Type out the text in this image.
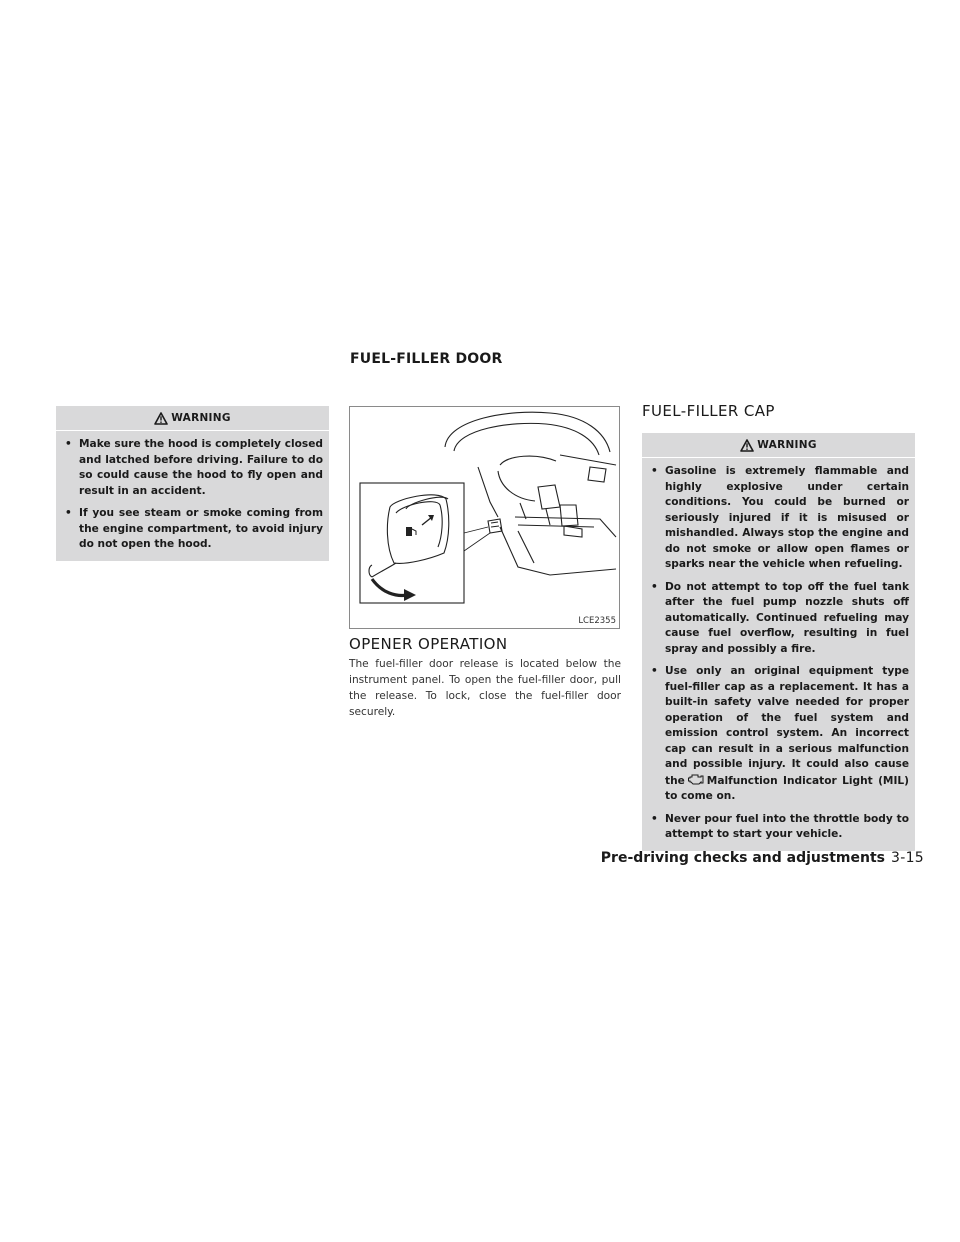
FUEL-FILLER DOOR
WARNING
• Make sure the hood is completely closed and latched before driving. Failure to do so could cause the hood to fly open and result in an accident.
• If you see steam or smoke coming from the engine compartment, to avoid injury do not open the hood.
LCE2355
OPENER OPERATION

The fuel-filler door release is located below the instrument panel. To open the fuel-filler door, pull the release. To lock, close the fuel-filler door securely.

FUEL-FILLER CAP
WARNING
• Gasoline is extremely flammable and highly explosive under certain conditions. You could be burned or seriously injured if it is misused or mishandled. Always stop the engine and do not smoke or allow open flames or sparks near the vehicle when refueling.
• Do not attempt to top off the fuel tank after the fuel pump nozzle shuts off automatically. Continued refueling may cause fuel overflow, resulting in fuel spray and possibly a fire.
• Use only an original equipment type fuel-filler cap as a replacement. It has a built-in safety valve needed for proper operation of the fuel system and emission control system. An incorrect cap can result in a serious malfunction and possible injury. It could also cause the Malfunction Indicator Light (MIL) to come on.
• Never pour fuel into the throttle body to attempt to start your vehicle.
Pre-driving checks and adjustments 3-15
